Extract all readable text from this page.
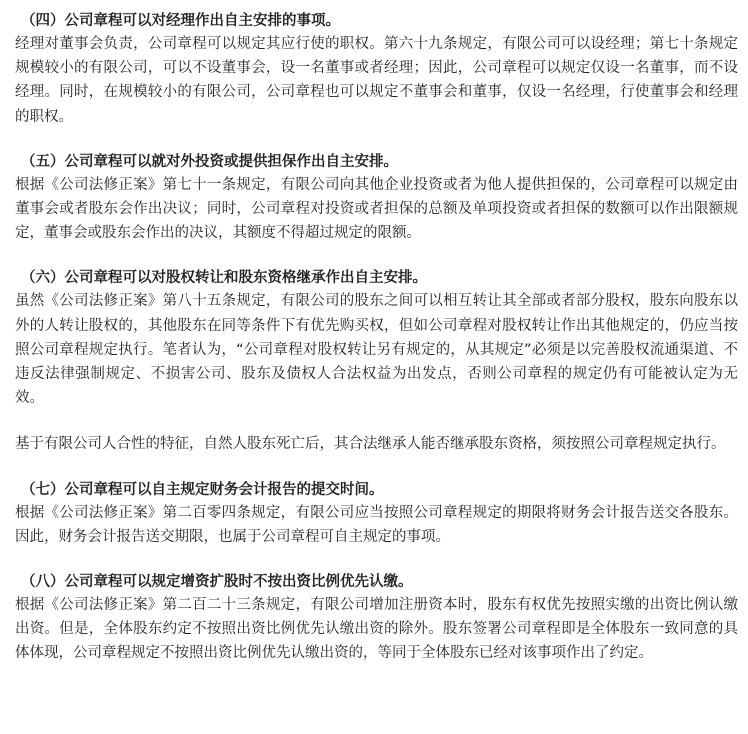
（四）公司章程可以对经理作出自主安排的事项。

经理对董事会负责，公司章程可以规定其应行使的职权。第六十九条规定，有限公司可以设经理；第七十条规定规模较小的有限公司，可以不设董事会，设一名董事或者经理；因此，公司章程可以规定仅设一名董事，而不设经理。同时，在规模较小的有限公司，公司章程也可以规定不董事会和董事，仅设一名经理，行使董事会和经理的职权。

（五）公司章程可以就对外投资或提供担保作出自主安排。

根据《公司法修正案》第七十一条规定，有限公司向其他企业投资或者为他人提供担保的，公司章程可以规定由董事会或者股东会作出决议；同时，公司章程对投资或者担保的总额及单项投资或者担保的数额可以作出限额规定，董事会或股东会作出的决议，其额度不得超过规定的限额。

（六）公司章程可以对股权转让和股东资格继承作出自主安排。

虽然《公司法修正案》第八十五条规定，有限公司的股东之间可以相互转让其全部或者部分股权，股东向股东以外的人转让股权的，其他股东在同等条件下有优先购买权，但如公司章程对股权转让作出其他规定的，仍应当按照公司章程规定执行。笔者认为，“公司章程对股权转让另有规定的，从其规定”必须是以完善股权流通渠道、不违反法律强制规定、不损害公司、股东及债权人合法权益为出发点，否则公司章程的规定仍有可能被认定为无效。

基于有限公司人合性的特征，自然人股东死亡后，其合法继承人能否继承股东资格，须按照公司章程规定执行。

（七）公司章程可以自主规定财务会计报告的提交时间。

根据《公司法修正案》第二百零四条规定，有限公司应当按照公司章程规定的期限将财务会计报告送交各股东。因此，财务会计报告送交期限，也属于公司章程可自主规定的事项。

（八）公司章程可以规定增资扩股时不按出资比例优先认缴。

根据《公司法修正案》第二百二十三条规定，有限公司增加注册资本时，股东有权优先按照实缴的出资比例认缴出资。但是，全体股东约定不按照出资比例优先认缴出资的除外。股东签署公司章程即是全体股东一致同意的具体体现，公司章程规定不按照出资比例优先认缴出资的，等同于全体股东已经对该事项作出了约定。
